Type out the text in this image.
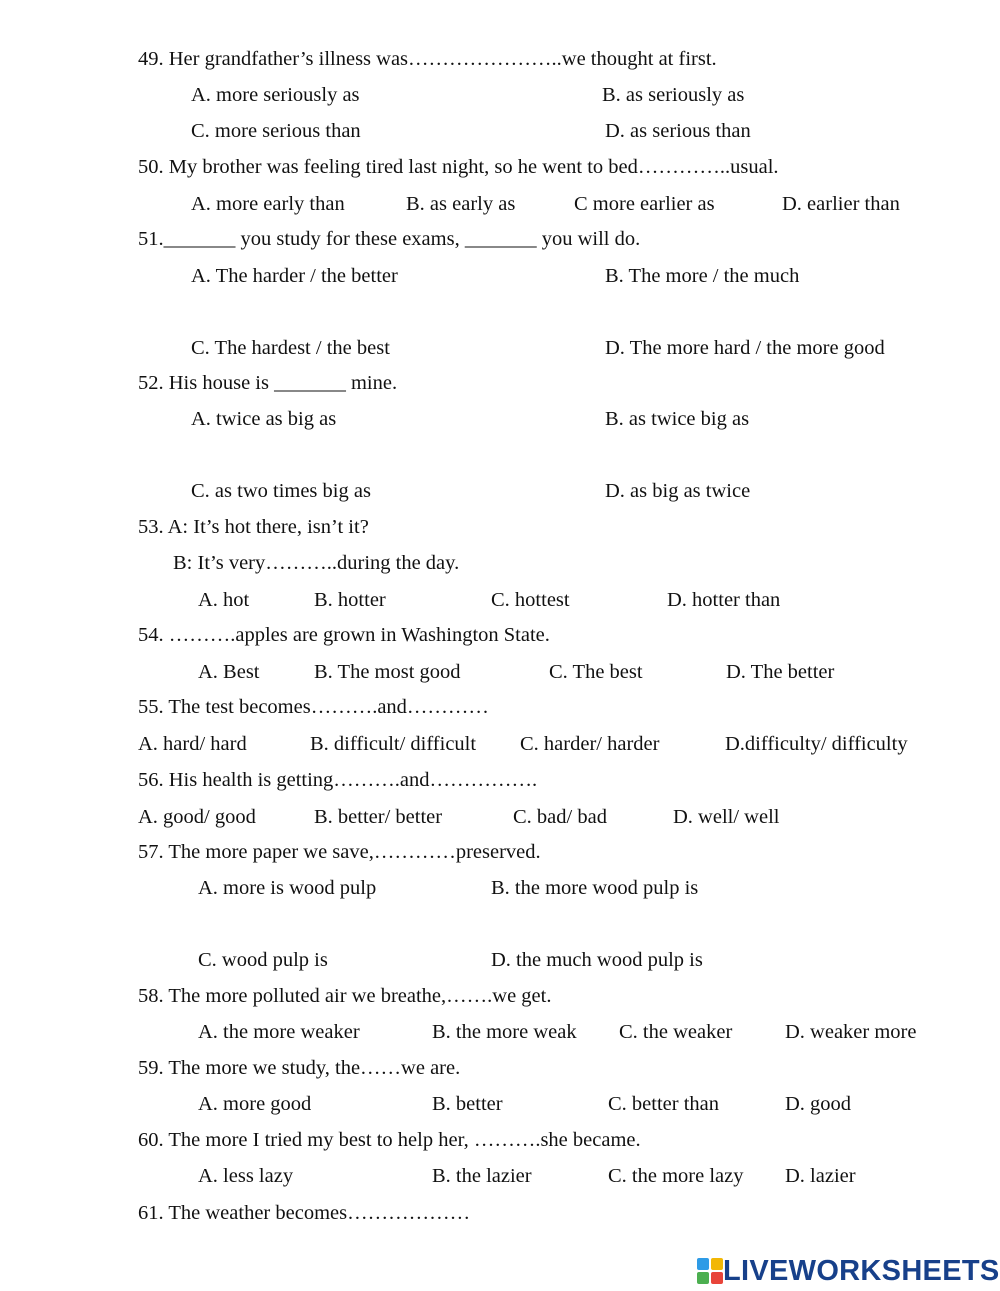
49. Her grandfather’s illness was…………………..we thought at first.
A. more seriously as	B. as seriously as
C. more serious than	D. as serious than
50. My brother was feeling tired last night, so he went to bed…………..usual.
A. more early than	B. as early as	C more earlier as	D. earlier than
51._______ you study for these exams, _______ you will do.
A. The harder / the better	B. The more / the much
C. The hardest / the best	D. The more hard / the more good
52. His house is _______ mine.
A. twice as big as	B. as twice big as
C. as two times big as	D. as big as twice
53. A: It’s hot there, isn’t it?
B: It’s very………..during the day.
A. hot	B. hotter	C. hottest	D. hotter than
54. ……….apples are grown in Washington State.
A. Best	B. The most good	C. The best	D. The better
55. The test becomes……….and…………
A. hard/ hard	B. difficult/ difficult C. harder/ harder	D.difficulty/ difficulty
56. His health is getting……….and…………….
A. good/ good	B. better/ better	C. bad/ bad	D. well/ well
57. The more paper we save,…………preserved.
A. more is wood pulp	B. the more wood pulp is
C. wood pulp is	D. the much wood pulp is
58. The more polluted air we breathe,…….we get.
A. the more weaker	B. the more weak C. the weaker	D. weaker more
59. The more we study, the……we are.
A. more good	B. better	C. better than	D. good
60. The more I tried my best to help her, ……….she became.
A. less lazy	B. the lazier	C. the more lazy D. lazier
61. The weather becomes………………
LIVEWORKSHEETS
